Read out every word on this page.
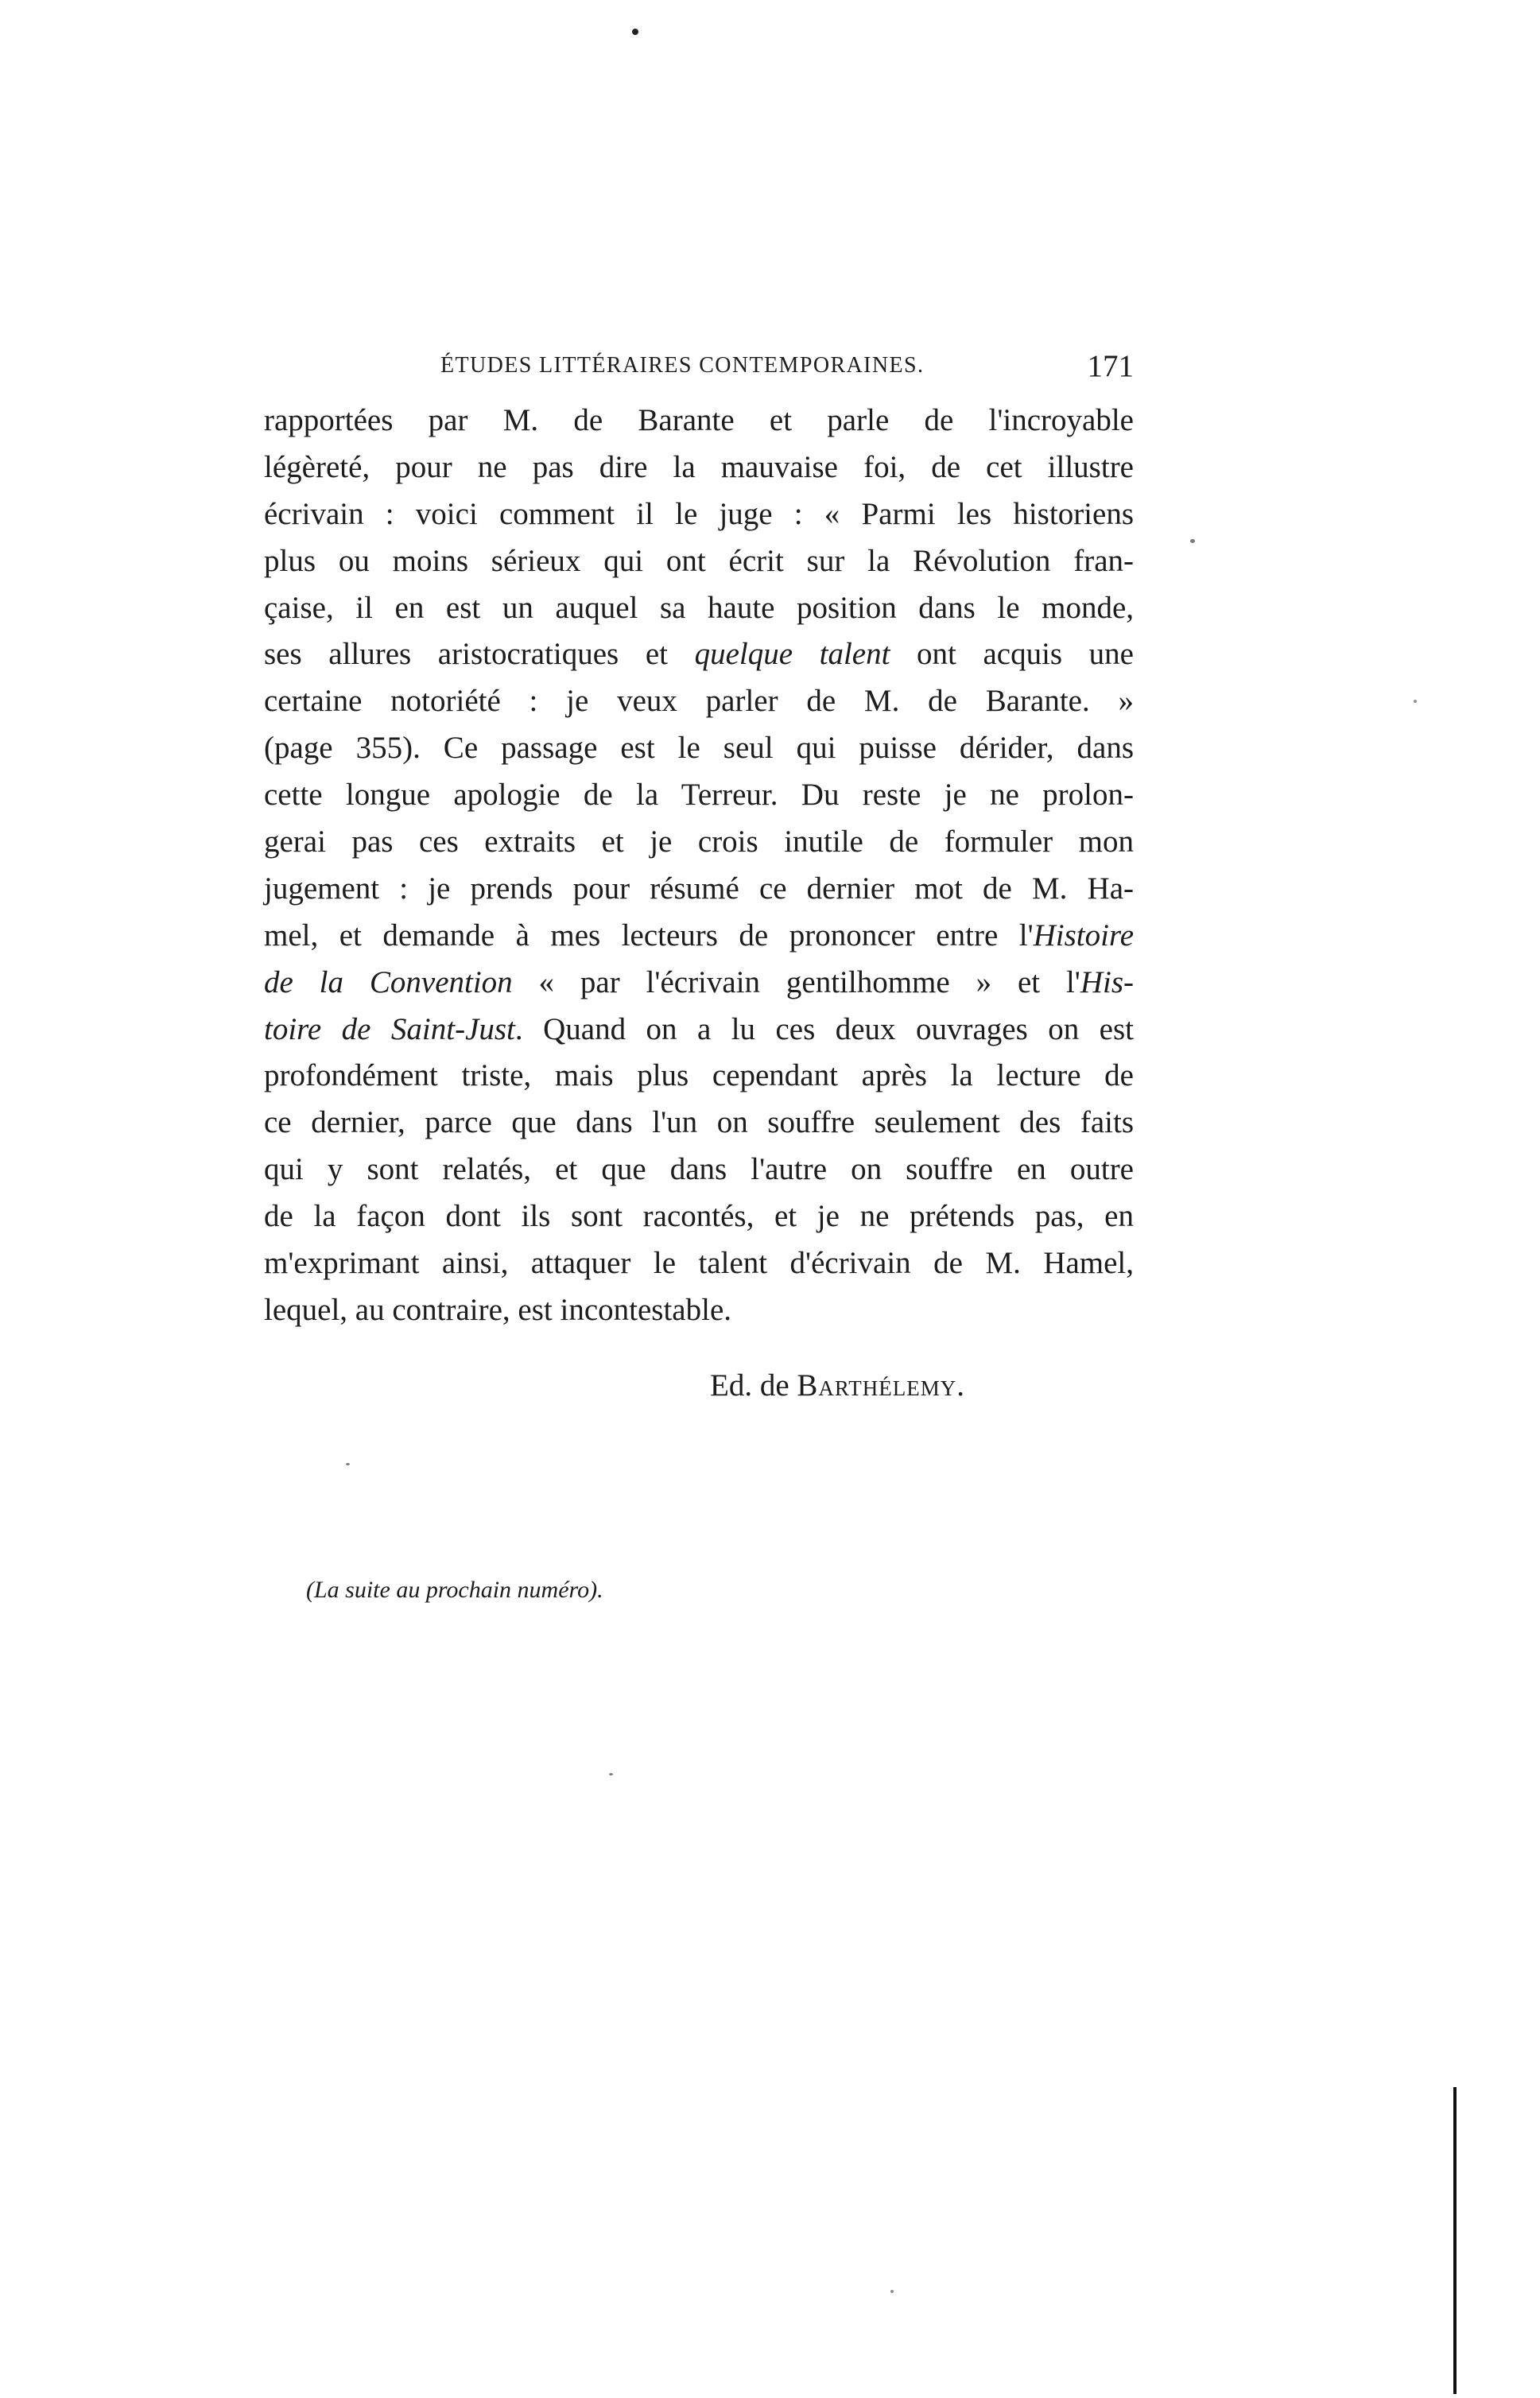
ÉTUDES LITTÉRAIRES CONTEMPORAINES.	171
rapportées par M. de Barante et parle de l'incroyable
légèreté, pour ne pas dire la mauvaise foi, de cet illustre
écrivain : voici comment il le juge : « Parmi les historiens
plus ou moins sérieux qui ont écrit sur la Révolution fran-
çaise, il en est un auquel sa haute position dans le monde,
ses allures aristocratiques et quelque talent ont acquis une
certaine notoriété : je veux parler de M. de Barante. »
(page 355). Ce passage est le seul qui puisse dérider, dans
cette longue apologie de la Terreur. Du reste je ne prolon-
gerai pas ces extraits et je crois inutile de formuler mon
jugement : je prends pour résumé ce dernier mot de M. Ha-
mel, et demande à mes lecteurs de prononcer entre l'Histoire
de la Convention « par l'écrivain gentilhomme » et l'His-
toire de Saint-Just. Quand on a lu ces deux ouvrages on est
profondément triste, mais plus cependant après la lecture de
ce dernier, parce que dans l'un on souffre seulement des faits
qui y sont relatés, et que dans l'autre on souffre en outre
de la façon dont ils sont racontés, et je ne prétends pas, en
m'exprimant ainsi, attaquer le talent d'écrivain de M. Hamel,
lequel, au contraire, est incontestable.
Ed. de Barthélemy.
(La suite au prochain numéro).
